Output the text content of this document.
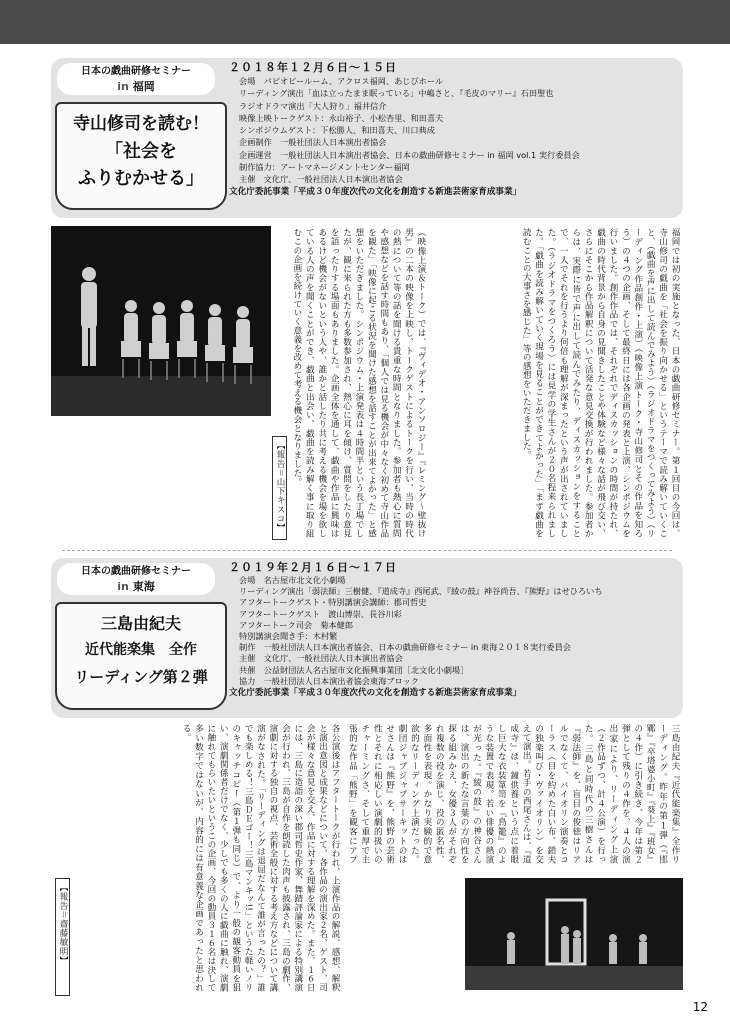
日本の戯曲研修セミナー
in 福岡
寺山修司を読む！
「社会を
ふりむかせる」
２０１８年１２月６日～１５日
会場　パピオビールーム、アクロス福岡、あじびホール
リーディング演出「血は立ったまま眠っている」中嶋さと、『毛皮のマリー』石田聖也
ラジオドラマ演出「大人狩り」福井信介
映像上映トークゲスト：永山裕子、小松杏里、和田喜夫
シンポジウムゲスト：下松勝人、和田喜夫、川口典成
企画制作　一般社団法人日本演出者協会
企画運営　一般社団法人日本演出者協会、日本の戯曲研修セミナー in 福岡 vol.1 実行委員会
制作協力：アートマネージメントセンター福岡
主催　文化庁、一般社団法人日本演出者協会
文化庁委託事業「平成３０年度次代の文化を創造する新進芸術家育成事業」
福岡では初の実施となった、日本の戯曲研修セミナー。第１回目の今回は、寺山修司の戯曲を「社会を振り向かせる」というテーマで読み解いていくこと、（戯曲を声に出して読んでみよう）（ラジオドラマをつくってみよう）（リーディング作品創作・上演）（映像上演トーク・寺山修司とその作品を知ろう）の４つの企画、そして最終日には各企画の発表と上演、シンポジウムを行いました。創作作品では、それぞれでディスカッションの時間が持たれ、戯曲の時代背景から自身の見聞きしたことや体験など様々な話が飛び交い、さらにそこから作品解釈について活発な意見交換が行われました。参加者からは、実際に皆で声に出して読んでみたり、ディスカッションをすることで、一人でそれを行うより何倍も理解が深まったという声が出されていました。（ラジオドラマをつくろう）には見学の学生さんが２０名程来られました。「戯曲を読み解いていく現場を見ることができてよかった」「まず戯曲を読むことの大事さを感じた」等の感想をいただきました。
（映像上演＆トーク）では、『ヴィデオ・アンソロジー』『レミング～壁抜け男』の二本の映像を上映し、トークゲストによるトークを行い、当時の時代の熱について等の話を聞ける貴重な時間となりました。参加者も熱心に質問や感想などを話す時間もあり、「個人では見る機会が中々なく初めて寺山作品を観た」「映像に起こる状況を聞けた感想を話すことが出来てよかった」と感想をいただきました。シンポジウム・上演発表は４時間半という長丁場でしたが、観に来られた方も多数参加され、熱心に耳を傾け、質問をしたり意見を語ったりする場面もありました。企画全体を通して、戯曲や作品に興味はあるけど機会がないという人や、誰かと話したり共に考える機会を場を欲している人の声を聞くことができ、戯曲と出会い、戯曲を読み解く事に取り組むこの企画を続けていく意義を改めて考える機会となりました。
【報告＝山下キスコ】
日本の戯曲研修セミナー
in 東海
三島由紀夫
近代能楽集　全作
リーディング第２弾
２０１９年２月１６日～１７日
会場　名古屋市北文化小劇場
リーディング演出「弱法師」三樹健、『道成寺』西尾武、『綾の鼓』神谷尚吾、『熊野』はせひろいち
アフタートークゲスト・特別講演会講師：郡司哲史
アフタートークゲスト　渡山博崇、長谷川彩
アフタートーク司会　菊本健郎
特別講演会聞き手：木村繁
制作　一般社団法人日本演出者協会、日本の戯曲研修セミナー in 東海２０１８実行委員会
主催　文化庁、一般社団法人日本演出者協会
共催　公益財団法人名古屋市文化振興事業団［北文化小劇場］
協力　一般社団法人日本演出者協会東海ブロック
文化庁委託事業「平成３０年度次代の文化を創造する新進芸術家育成事業」
各公演後はアフタートークが行われ、上演作品の解説、感想、解釈と演出意図と成果などについて、各作品の演出家２名、ゲスト、司会が様々な意見を交え、作品に対する理解を深めた。また、１６日には、三島に造詣の深い郡司哲史作家、舞踏評論家による特別講演会が行われ、三島が自作を朗読した肉声も披露され、三島の劇作、演劇に対する独自の視点、芸術全般に対する考え方などについて講演がなされた。「リーディングは退屈だなんて誰が言ったの？」誰でも楽しめる！三島ＤＥゴー！三島マンキッ!!」というた軽いノリのキャッチコピー（第１弾も同じ）で、より一般の観客動員を狙い、演劇関係者だけでなく、少しでも多くの人に戯曲に触れ、演劇に触れてもらいたいというこの企画、今回の動員３１６名は決して多い数字ではないが、内容的には有意義な企画であったと思われる。
【報告＝齋藤敏明】
三島由紀夫『近代能楽集』全作リーディング。昨年の第１弾（『邯鄲』『卒塔婆小町』『葵上』『班女』の４作）に引き続き、今年は第２弾として残りの４作を、４人の演出家により、リーディング上演（２作品ずつ、計４公演）を行った。三島と同時代の三樹さんは『弱法師』を、盲目の俊徳はリアルでなくて、バイオリン演奏とコーラス（目を約めた白い布、鎖夫の独楽叫び・ヴァイオリン）を交えて演出。若手の西尾さんは、『道成寺』は、鐘供養という点に着眼し巨大な衣装箪笥を『鳥籠』のような装置で表現。若い俳優の熱演が光った。『綾の鼓』の神谷さんは、演出の新たな言葉の方向性を探る組みかえ、女優３人がそれぞれ複数の役を演じ、役の匿名性、多面性を表現。かなり実験的で意欲的なリーディング上演だった。劇団ジャブジャブサーキットのはせさんは『熊野』を、熊野の芸術性とそれに相応しい演劇的扱いのチャーミングさ、そして重厚で主張的な作品「熊野」を観客にアプ
12
